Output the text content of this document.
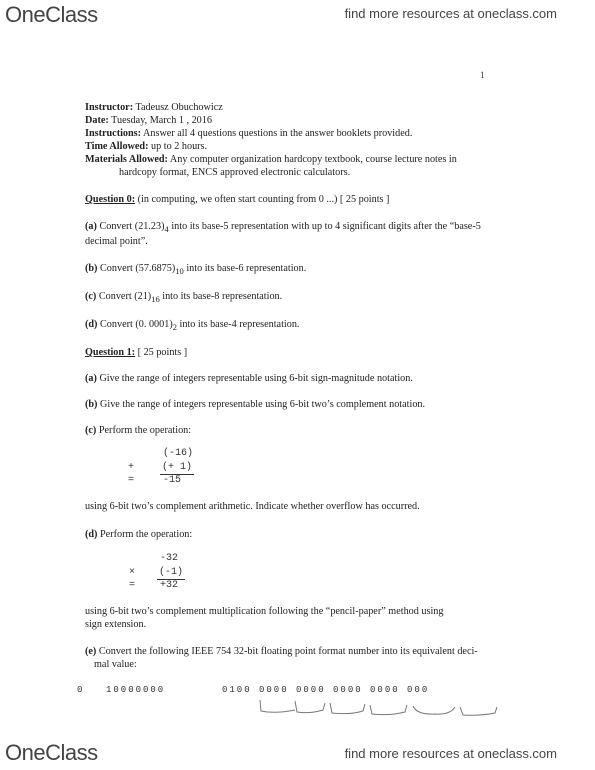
OneClass	find more resources at oneclass.com
1
Instructor: Tadeusz Obuchowicz
Date: Tuesday, March 1 , 2016
Instructions: Answer all 4 questions questions in the answer booklets provided.
Time Allowed: up to 2 hours.
Materials Allowed: Any computer organization hardcopy textbook, course lecture notes in
hardcopy format, ENCS approved electronic calculators.
Question 0: (in computing, we often start counting from 0 ...) [ 25 points ]
(a) Convert $(21.23)_4$ into its base-5 representation with up to 4 significant digits after the “base-5
decimal point”.
(b) Convert $(57.6875)_{10}$ into its base-6 representation.
(c) Convert $(21)_{16}$ into its base-8 representation.
(d) Convert (0. $0001)_2$ into its base-4 representation.
Question 1: [ 25 points ]
(a) Give the range of integers representable using 6-bit sign-magnitude notation.
(b) Give the range of integers representable using 6-bit two’s complement notation.
(c) Perform the operation:
(-16)
+	(+ 1)
=	-15
using 6-bit two’s complement arithmetic. Indicate whether overflow has occurred.
(d) Perform the operation:
-32
× (-1)
= +32
using 6-bit two’s complement multiplication following the “pencil-paper” method using
sign extension.
(e) Convert the following IEEE 754 32-bit floating point format number into its equivalent deci-
mal value:
0 10000000	0100 0000 0000 0000 0000 000
OneClass	find more resources at oneclass.com
